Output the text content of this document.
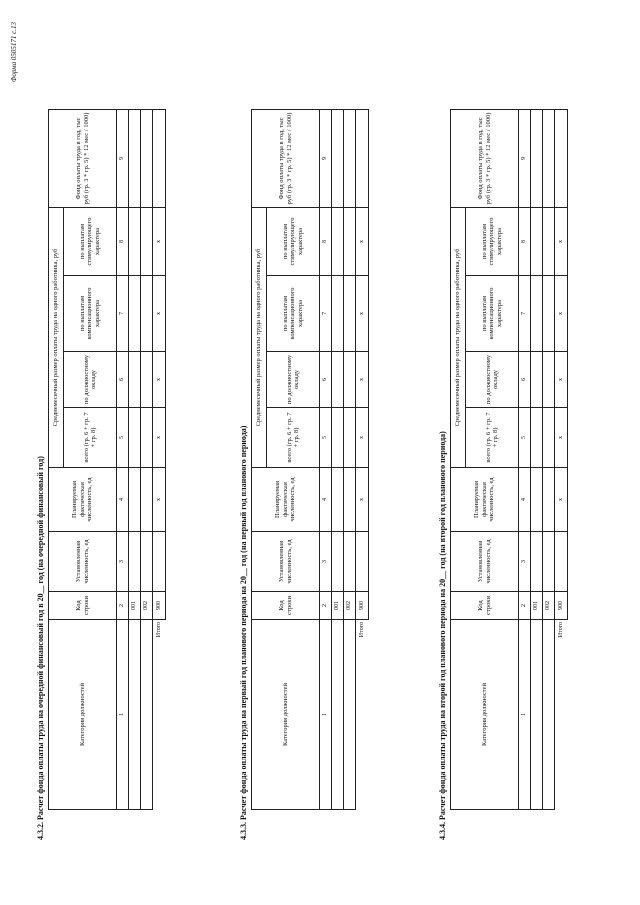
Форма 0505171 с.13
4.3.2. Расчет фонда оплаты труда на очередной финансовый год в 20__ год (на очередной финансовый год)	Категория должностей	Код строки	Установленная численность, ед	Планируемая фактическая численность, ед	Среднемесячный размер оплаты труда на одного работника, руб				Фонд оплаты труда в год, тыс руб (гр. 3 * гр. 5) * 12 мес / 1000)
				всего (гр. 6 + гр. 7 + гр. 8)	по должностному окладу	по выплатам компенсационного характера	по выплатам стимулирующего характера	
1	2	3	4	5	6	7	8	9
	001							
	002							
Итого	900		x	x	x	x	x	
4.3.3. Расчет фонда оплаты труда на первый год планового периода на 20__ год (на первый год планового периода)	Категория должностей	Код строки	Установленная численность, ед	Планируемая фактическая численность, ед	Среднемесячный размер оплаты труда на одного работника, руб				Фонд оплаты труда в год, тыс руб (гр. 3 * гр. 5) * 12 мес / 1000)
				всего (гр. 6 + гр. 7 + гр. 8)	по должностному окладу	по выплатам компенсационного характера	по выплатам стимулирующего характера	
1	2	3	4	5	6	7	8	9
	001							
	002							
Итого	900		x	x	x	x	x	
4.3.4. Расчет фонда оплаты труда на второй год планового периода на 20__ год (на второй год планового периода)	Категория должностей	Код строки	Установленная численность, ед	Планируемая фактическая численность, ед	Среднемесячный размер оплаты труда на одного работника, руб				Фонд оплаты труда в год, тыс руб (гр. 3 * гр. 5) * 12 мес / 1000)
				всего (гр. 6 + гр. 7 + гр. 8)	по должностному окладу	по выплатам компенсационного характера	по выплатам стимулирующего характера	
1	2	3	4	5	6	7	8	9
	001							
	002							
Итого	900		x	x	x	x	x	
